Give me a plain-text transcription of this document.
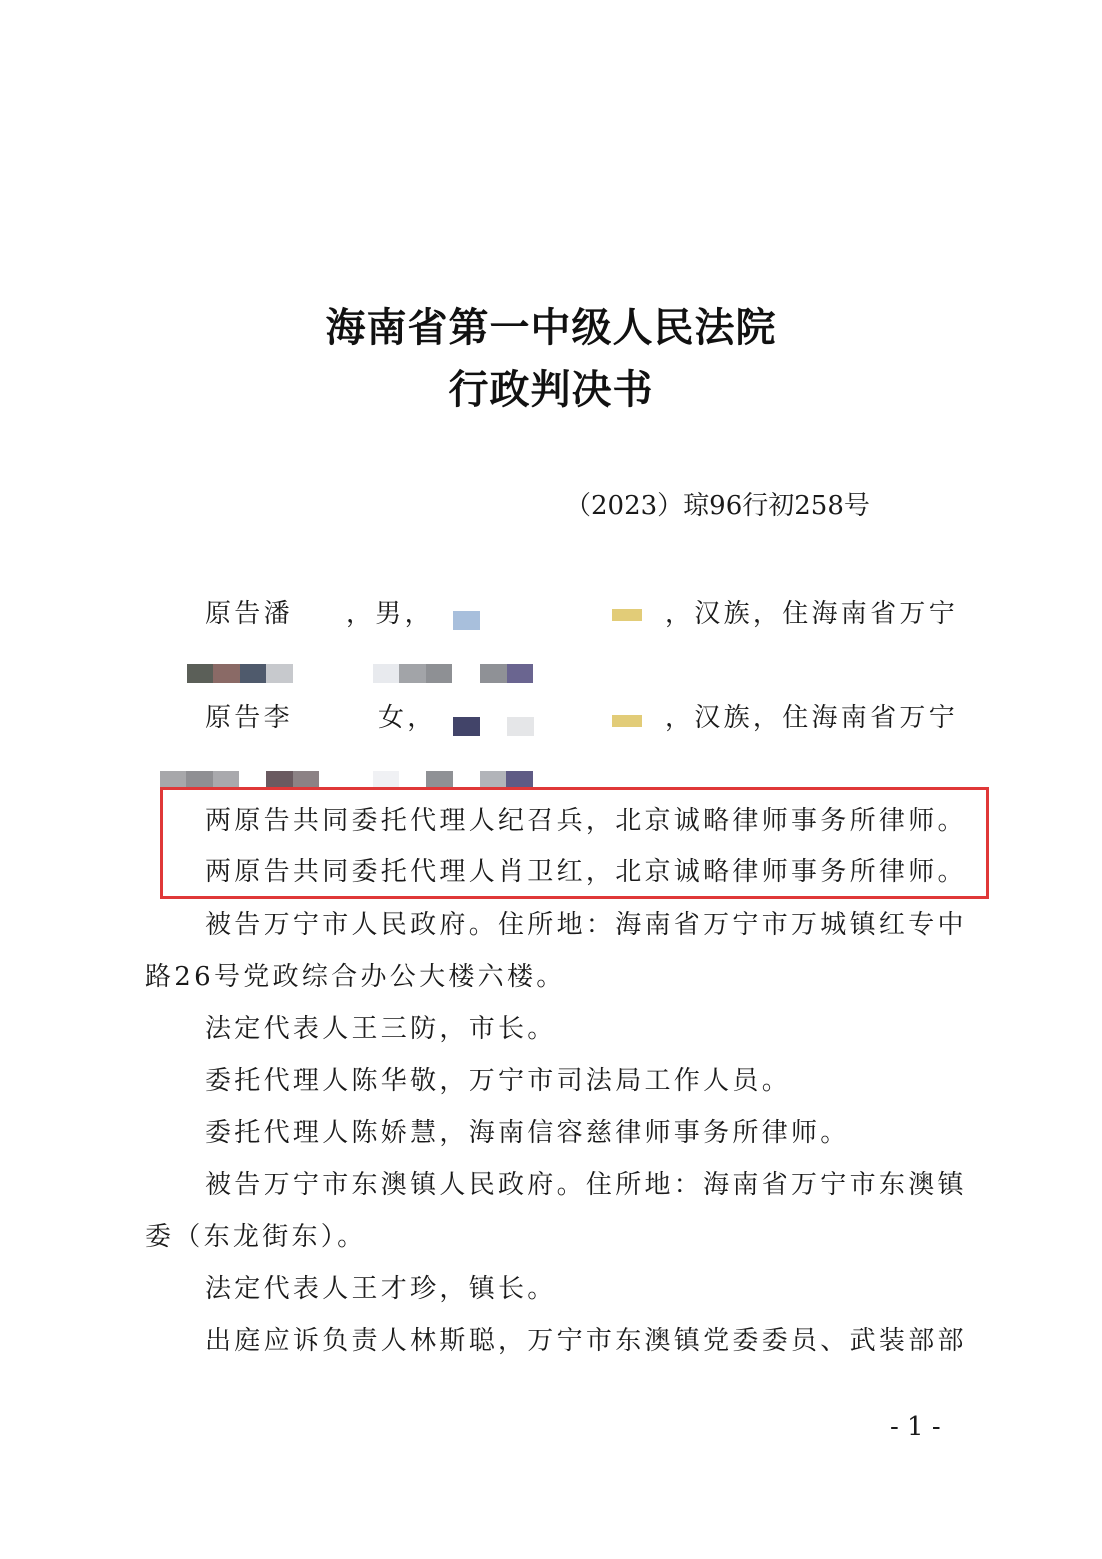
海南省第一中级人民法院
行政判决书
（2023）琼96行初258号
原告潘 ，男，	，汉族，住海南省万宁
原告李	女，	，汉族，住海南省万宁
两原告共同委托代理人纪召兵，北京诚略律师事务所律师。
两原告共同委托代理人肖卫红，北京诚略律师事务所律师。
被告万宁市人民政府。住所地：海南省万宁市万城镇红专中
路26号党政综合办公大楼六楼。
法定代表人王三防，市长。
委托代理人陈华敬，万宁市司法局工作人员。
委托代理人陈娇慧，海南信容慈律师事务所律师。
被告万宁市东澳镇人民政府。住所地：海南省万宁市东澳镇
委（东龙街东）。
法定代表人王才珍，镇长。
出庭应诉负责人林斯聪，万宁市东澳镇党委委员、武装部部
- 1 -
